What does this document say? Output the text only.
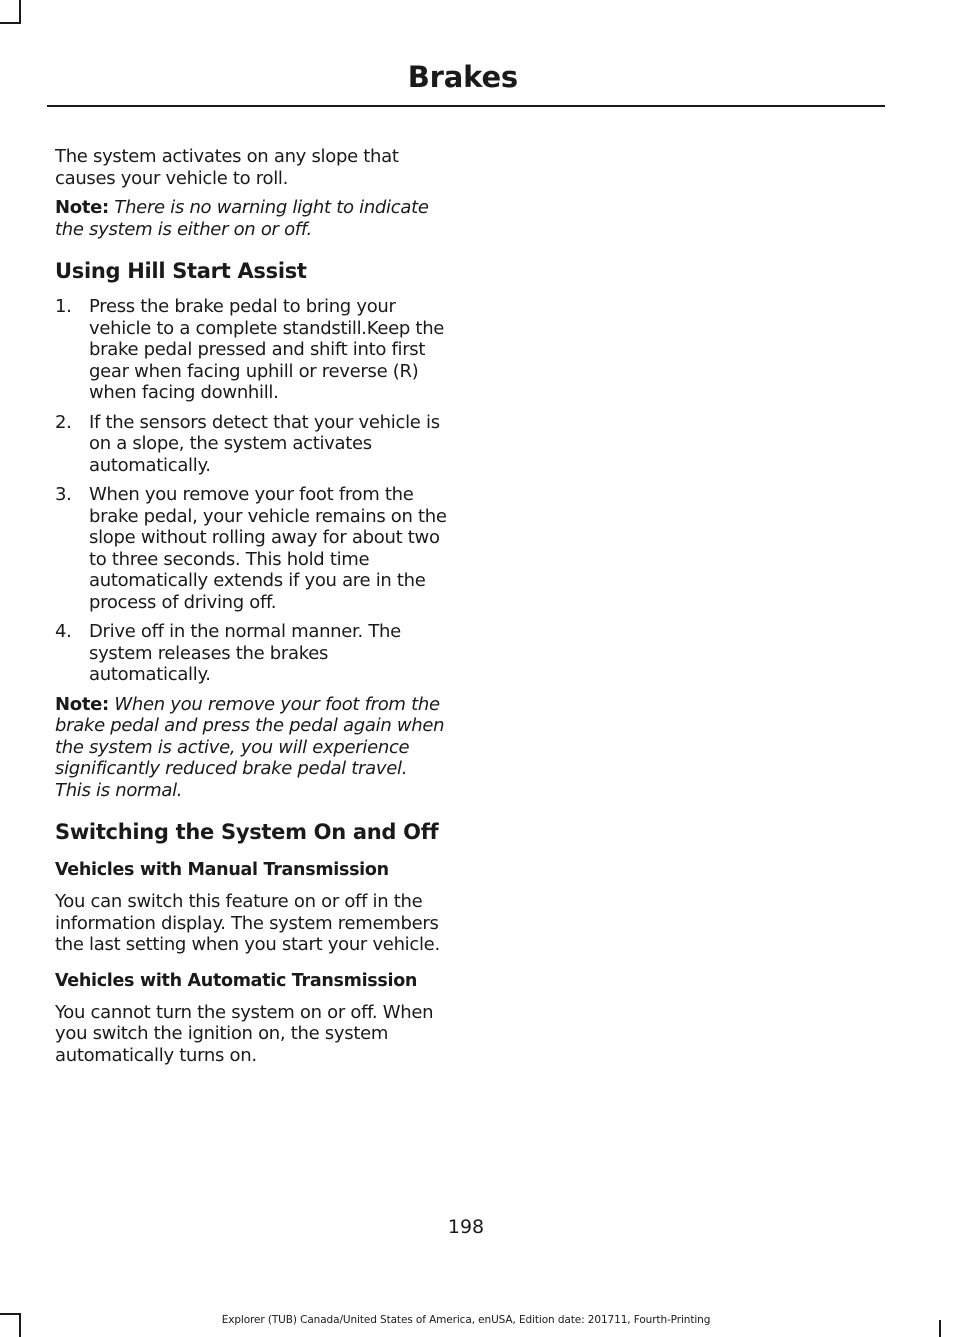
Brakes

The system activates on any slope that causes your vehicle to roll.

Note: There is no warning light to indicate the system is either on or off.

Using Hill Start Assist
1. Press the brake pedal to bring your vehicle to a complete standstill.Keep the brake pedal pressed and shift into first gear when facing uphill or reverse (R) when facing downhill.
2. If the sensors detect that your vehicle is on a slope, the system activates automatically.
3. When you remove your foot from the brake pedal, your vehicle remains on the slope without rolling away for about two to three seconds. This hold time automatically extends if you are in the process of driving off.
4. Drive off in the normal manner. The system releases the brakes automatically.

Note: When you remove your foot from the brake pedal and press the pedal again when the system is active, you will experience significantly reduced brake pedal travel. This is normal.

Switching the System On and Off
Vehicles with Manual Transmission

You can switch this feature on or off in the information display. The system remembers the last setting when you start your vehicle.

Vehicles with Automatic Transmission

You cannot turn the system on or off. When you switch the ignition on, the system automatically turns on.

198
Explorer (TUB) Canada/United States of America, enUSA, Edition date: 201711, Fourth-Printing
